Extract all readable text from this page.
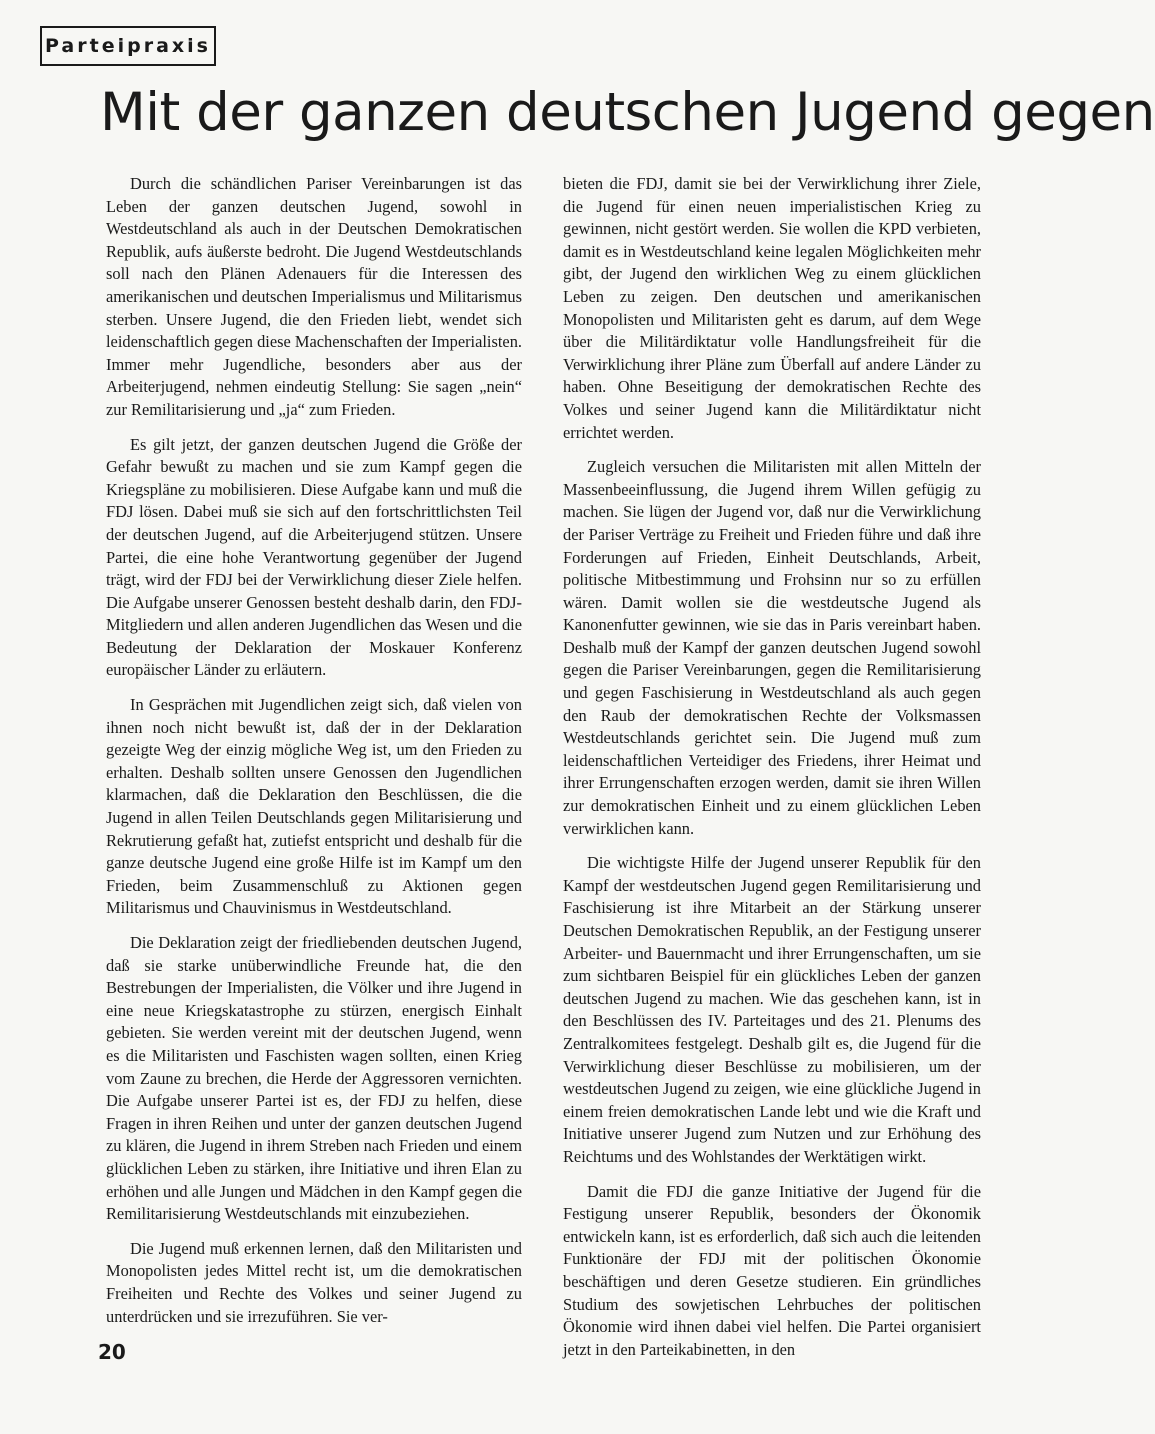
Parteipraxis
Mit der ganzen deutschen Jugend gegen

Durch die schändlichen Pariser Vereinbarungen ist das Leben der ganzen deutschen Jugend, sowohl in Westdeutschland als auch in der Deutschen Demokratischen Republik, aufs äußerste bedroht. Die Jugend Westdeutschlands soll nach den Plänen Adenauers für die Interessen des amerikanischen und deutschen Imperialismus und Militarismus sterben. Unsere Jugend, die den Frieden liebt, wendet sich leidenschaftlich gegen diese Machenschaften der Imperialisten. Immer mehr Jugendliche, besonders aber aus der Arbeiterjugend, nehmen eindeutig Stellung: Sie sagen „nein“ zur Remilitarisierung und „ja“ zum Frieden.

Es gilt jetzt, der ganzen deutschen Jugend die Größe der Gefahr bewußt zu machen und sie zum Kampf gegen die Kriegspläne zu mobilisieren. Diese Aufgabe kann und muß die FDJ lösen. Dabei muß sie sich auf den fortschrittlichsten Teil der deutschen Jugend, auf die Arbeiterjugend stützen. Unsere Partei, die eine hohe Verantwortung gegenüber der Jugend trägt, wird der FDJ bei der Verwirklichung dieser Ziele helfen. Die Aufgabe unserer Genossen besteht deshalb darin, den FDJ-Mitgliedern und allen anderen Jugendlichen das Wesen und die Bedeutung der Deklaration der Moskauer Konferenz europäischer Länder zu erläutern.

In Gesprächen mit Jugendlichen zeigt sich, daß vielen von ihnen noch nicht bewußt ist, daß der in der Deklaration gezeigte Weg der einzig mögliche Weg ist, um den Frieden zu erhalten. Deshalb sollten unsere Genossen den Jugendlichen klarmachen, daß die Deklaration den Beschlüssen, die die Jugend in allen Teilen Deutschlands gegen Militarisierung und Rekrutierung gefaßt hat, zutiefst entspricht und deshalb für die ganze deutsche Jugend eine große Hilfe ist im Kampf um den Frieden, beim Zusammenschluß zu Aktionen gegen Militarismus und Chauvinismus in Westdeutschland.

Die Deklaration zeigt der friedliebenden deutschen Jugend, daß sie starke unüberwindliche Freunde hat, die den Bestrebungen der Imperialisten, die Völker und ihre Jugend in eine neue Kriegskatastrophe zu stürzen, energisch Einhalt gebieten. Sie werden vereint mit der deutschen Jugend, wenn es die Militaristen und Faschisten wagen sollten, einen Krieg vom Zaune zu brechen, die Herde der Aggressoren vernichten. Die Aufgabe unserer Partei ist es, der FDJ zu helfen, diese Fragen in ihren Reihen und unter der ganzen deutschen Jugend zu klären, die Jugend in ihrem Streben nach Frieden und einem glücklichen Leben zu stärken, ihre Initiative und ihren Elan zu erhöhen und alle Jungen und Mädchen in den Kampf gegen die Remilitarisierung Westdeutschlands mit einzubeziehen.

Die Jugend muß erkennen lernen, daß den Militaristen und Monopolisten jedes Mittel recht ist, um die demokratischen Freiheiten und Rechte des Volkes und seiner Jugend zu unterdrücken und sie irrezuführen. Sie ver-

bieten die FDJ, damit sie bei der Verwirklichung ihrer Ziele, die Jugend für einen neuen imperialistischen Krieg zu gewinnen, nicht gestört werden. Sie wollen die KPD verbieten, damit es in Westdeutschland keine legalen Möglichkeiten mehr gibt, der Jugend den wirklichen Weg zu einem glücklichen Leben zu zeigen. Den deutschen und amerikanischen Monopolisten und Militaristen geht es darum, auf dem Wege über die Militärdiktatur volle Handlungsfreiheit für die Verwirklichung ihrer Pläne zum Überfall auf andere Länder zu haben. Ohne Beseitigung der demokratischen Rechte des Volkes und seiner Jugend kann die Militärdiktatur nicht errichtet werden.

Zugleich versuchen die Militaristen mit allen Mitteln der Massenbeeinflussung, die Jugend ihrem Willen gefügig zu machen. Sie lügen der Jugend vor, daß nur die Verwirklichung der Pariser Verträge zu Freiheit und Frieden führe und daß ihre Forderungen auf Frieden, Einheit Deutschlands, Arbeit, politische Mitbestimmung und Frohsinn nur so zu erfüllen wären. Damit wollen sie die westdeutsche Jugend als Kanonenfutter gewinnen, wie sie das in Paris vereinbart haben. Deshalb muß der Kampf der ganzen deutschen Jugend sowohl gegen die Pariser Vereinbarungen, gegen die Remilitarisierung und gegen Faschisierung in Westdeutschland als auch gegen den Raub der demokratischen Rechte der Volksmassen Westdeutschlands gerichtet sein. Die Jugend muß zum leidenschaftlichen Verteidiger des Friedens, ihrer Heimat und ihrer Errungenschaften erzogen werden, damit sie ihren Willen zur demokratischen Einheit und zu einem glücklichen Leben verwirklichen kann.

Die wichtigste Hilfe der Jugend unserer Republik für den Kampf der westdeutschen Jugend gegen Remilitarisierung und Faschisierung ist ihre Mitarbeit an der Stärkung unserer Deutschen Demokratischen Republik, an der Festigung unserer Arbeiter- und Bauernmacht und ihrer Errungenschaften, um sie zum sichtbaren Beispiel für ein glückliches Leben der ganzen deutschen Jugend zu machen. Wie das geschehen kann, ist in den Beschlüssen des IV. Parteitages und des 21. Plenums des Zentralkomitees festgelegt. Deshalb gilt es, die Jugend für die Verwirklichung dieser Beschlüsse zu mobilisieren, um der westdeutschen Jugend zu zeigen, wie eine glückliche Jugend in einem freien demokratischen Lande lebt und wie die Kraft und Initiative unserer Jugend zum Nutzen und zur Erhöhung des Reichtums und des Wohlstandes der Werktätigen wirkt.

Damit die FDJ die ganze Initiative der Jugend für die Festigung unserer Republik, besonders der Ökonomik entwickeln kann, ist es erforderlich, daß sich auch die leitenden Funktionäre der FDJ mit der politischen Ökonomie beschäftigen und deren Gesetze studieren. Ein gründliches Studium des sowjetischen Lehrbuches der politischen Ökonomie wird ihnen dabei viel helfen. Die Partei organisiert jetzt in den Parteikabinetten, in den

20
